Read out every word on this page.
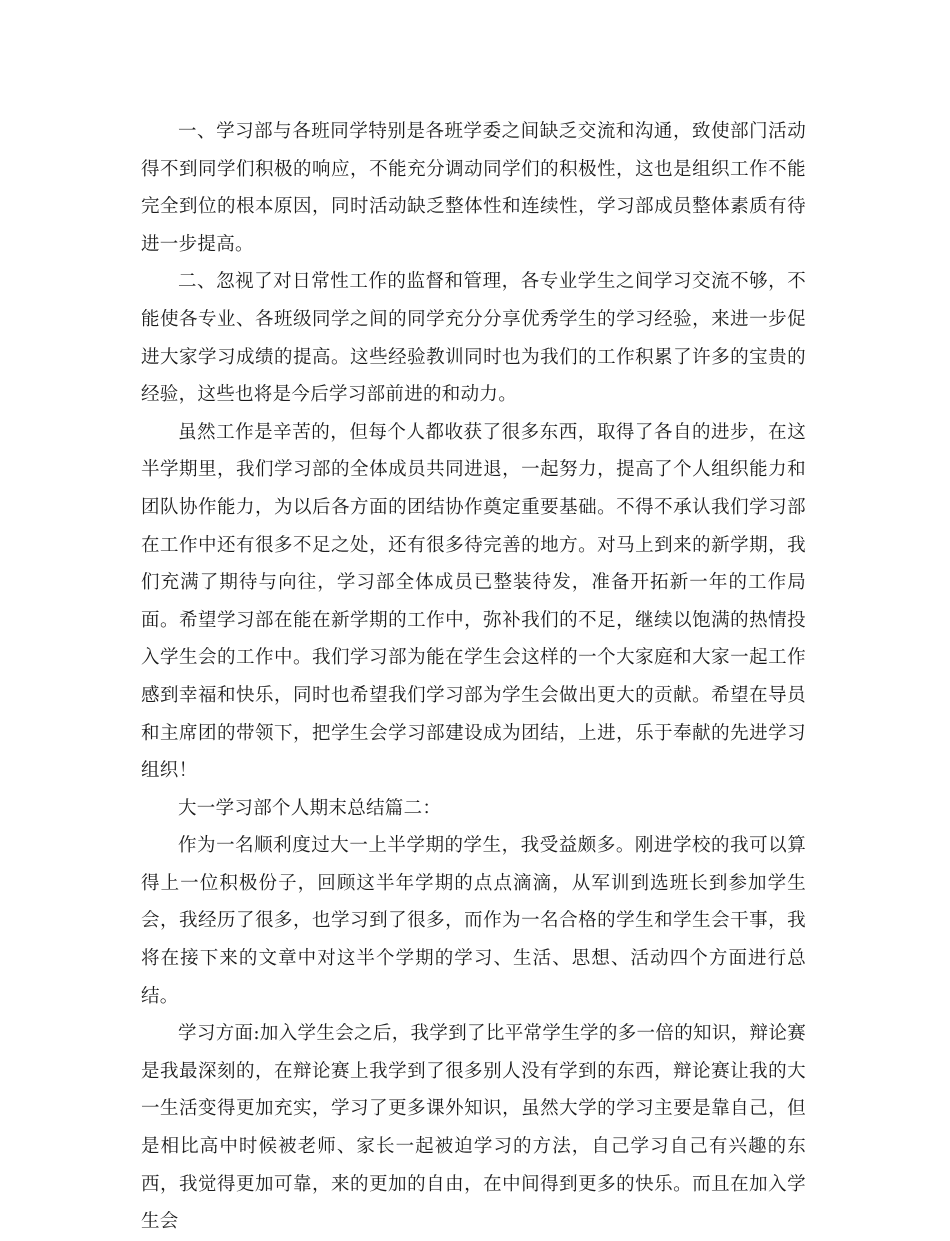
一、学习部与各班同学特别是各班学委之间缺乏交流和沟通，致使部门活动得不到同学们积极的响应，不能充分调动同学们的积极性，这也是组织工作不能完全到位的根本原因，同时活动缺乏整体性和连续性，学习部成员整体素质有待进一步提高。

二、忽视了对日常性工作的监督和管理，各专业学生之间学习交流不够，不能使各专业、各班级同学之间的同学充分分享优秀学生的学习经验，来进一步促进大家学习成绩的提高。这些经验教训同时也为我们的工作积累了许多的宝贵的经验，这些也将是今后学习部前进的和动力。

虽然工作是辛苦的，但每个人都收获了很多东西，取得了各自的进步，在这半学期里，我们学习部的全体成员共同进退，一起努力，提高了个人组织能力和团队协作能力，为以后各方面的团结协作奠定重要基础。不得不承认我们学习部在工作中还有很多不足之处，还有很多待完善的地方。对马上到来的新学期，我们充满了期待与向往，学习部全体成员已整装待发，准备开拓新一年的工作局面。希望学习部在能在新学期的工作中，弥补我们的不足，继续以饱满的热情投入学生会的工作中。我们学习部为能在学生会这样的一个大家庭和大家一起工作感到幸福和快乐，同时也希望我们学习部为学生会做出更大的贡献。希望在导员和主席团的带领下，把学生会学习部建设成为团结，上进，乐于奉献的先进学习组织！

大一学习部个人期末总结篇二：

作为一名顺利度过大一上半学期的学生，我受益颇多。刚进学校的我可以算得上一位积极份子，回顾这半年学期的点点滴滴，从军训到选班长到参加学生会，我经历了很多，也学习到了很多，而作为一名合格的学生和学生会干事，我将在接下来的文章中对这半个学期的学习、生活、思想、活动四个方面进行总结。

学习方面:加入学生会之后，我学到了比平常学生学的多一倍的知识，辩论赛是我最深刻的，在辩论赛上我学到了很多别人没有学到的东西，辩论赛让我的大一生活变得更加充实，学习了更多课外知识，虽然大学的学习主要是靠自己，但是相比高中时候被老师、家长一起被迫学习的方法，自己学习自己有兴趣的东西，我觉得更加可靠，来的更加的自由，在中间得到更多的快乐。而且在加入学生会
